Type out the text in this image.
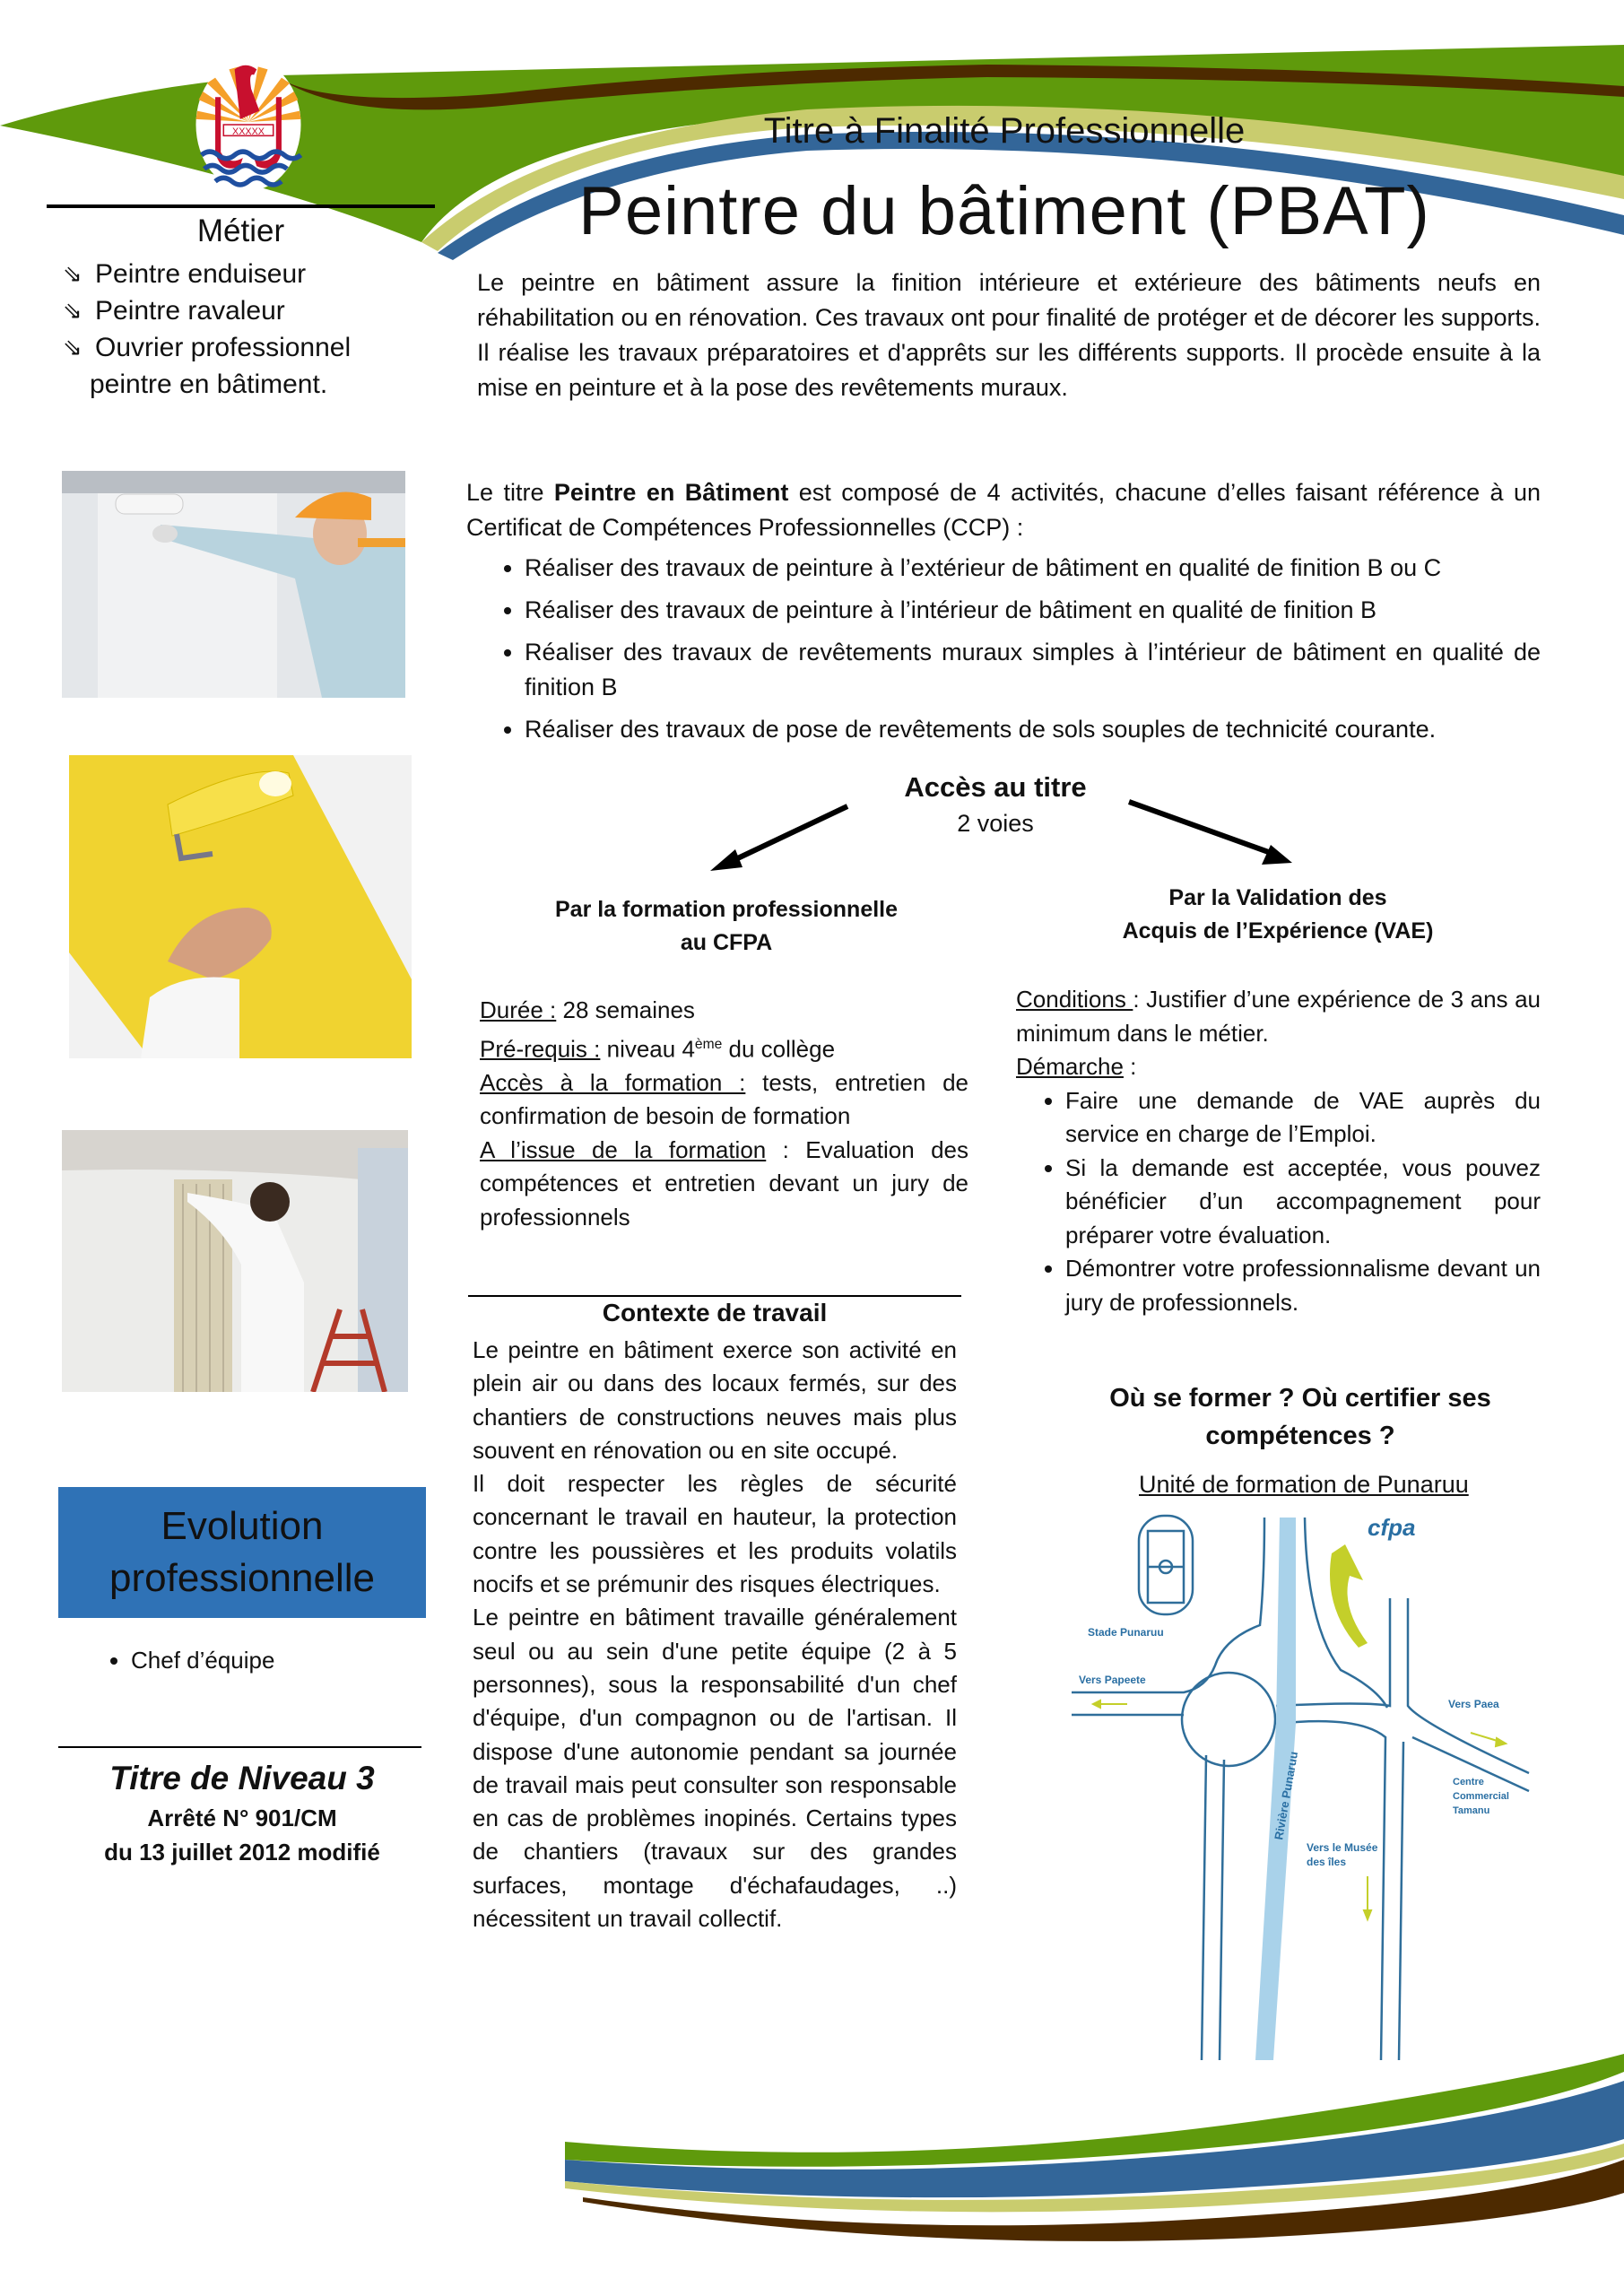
XXXXX	Titre à Finalité Professionnelle
Peintre du bâtiment (PBAT)
Métier
⇘ Peintre enduiseur
⇘ Peintre ravaleur
⇘ Ouvrier professionnel
peintre en bâtiment.
Le peintre en bâtiment assure la finition intérieure et extérieure des bâtiments neufs en réhabilitation ou en rénovation. Ces travaux ont pour finalité de protéger et de décorer les supports. Il réalise les travaux préparatoires et d'apprêts sur les différents supports. Il procède ensuite à la mise en peinture et à la pose des revêtements muraux.
Le titre Peintre en Bâtiment est composé de 4 activités, chacune d’elles faisant référence à un Certificat de Compétences Professionnelles (CCP) :
• Réaliser des travaux de peinture à l’extérieur de bâtiment en qualité de finition B ou C
• Réaliser des travaux de peinture à l’intérieur de bâtiment en qualité de finition B
• Réaliser des travaux de revêtements muraux simples à l’intérieur de bâtiment en qualité de finition B
• Réaliser des travaux de pose de revêtements de sols souples de technicité courante.
Accès au titre
2 voies
Par la formation professionnelle
au CFPA
Par la Validation des
Acquis de l’Expérience (VAE)
Durée : 28 semaines
Pré-requis : niveau 4ème du collège
Accès à la formation : tests, entretien de confirmation de besoin de formation
A l’issue de la formation : Evaluation des compétences et entretien devant un jury de professionnels
Conditions : Justifier d’une expérience de 3 ans au minimum dans le métier.
Démarche :
• Faire une demande de VAE auprès du service en charge de l’Emploi.
• Si la demande est acceptée, vous pouvez bénéficier d’un accompagnement pour préparer votre évaluation.
• Démontrer votre professionnalisme devant un jury de professionnels.
Contexte de travail
Le peintre en bâtiment exerce son activité en plein air ou dans des locaux fermés, sur des chantiers de constructions neuves mais plus souvent en rénovation ou en site occupé.
Il doit respecter les règles de sécurité concernant le travail en hauteur, la protection contre les poussières et les produits volatils nocifs et se prémunir des risques électriques.
Le peintre en bâtiment travaille généralement seul ou au sein d'une petite équipe (2 à 5 personnes), sous la responsabilité d'un chef d'équipe, d'un compagnon ou de l'artisan. Il dispose d'une autonomie pendant sa journée de travail mais peut consulter son responsable en cas de problèmes inopinés. Certains types de chantiers (travaux sur des grandes surfaces, montage d'échafaudages, ..) nécessitent un travail collectif.
Evolution
professionnelle
• Chef d’équipe
Titre de Niveau 3
Arrêté N° 901/CM
du 13 juillet 2012 modifié
Où se former ? Où certifier ses
compétences ?
Unité de formation de Punaruu
cfpa
Stade Punaruu
Vers Papeete
Vers Paea
Centre
Commercial
Tamanu
Vers le Musée
des îles
Rivière Punaruu
